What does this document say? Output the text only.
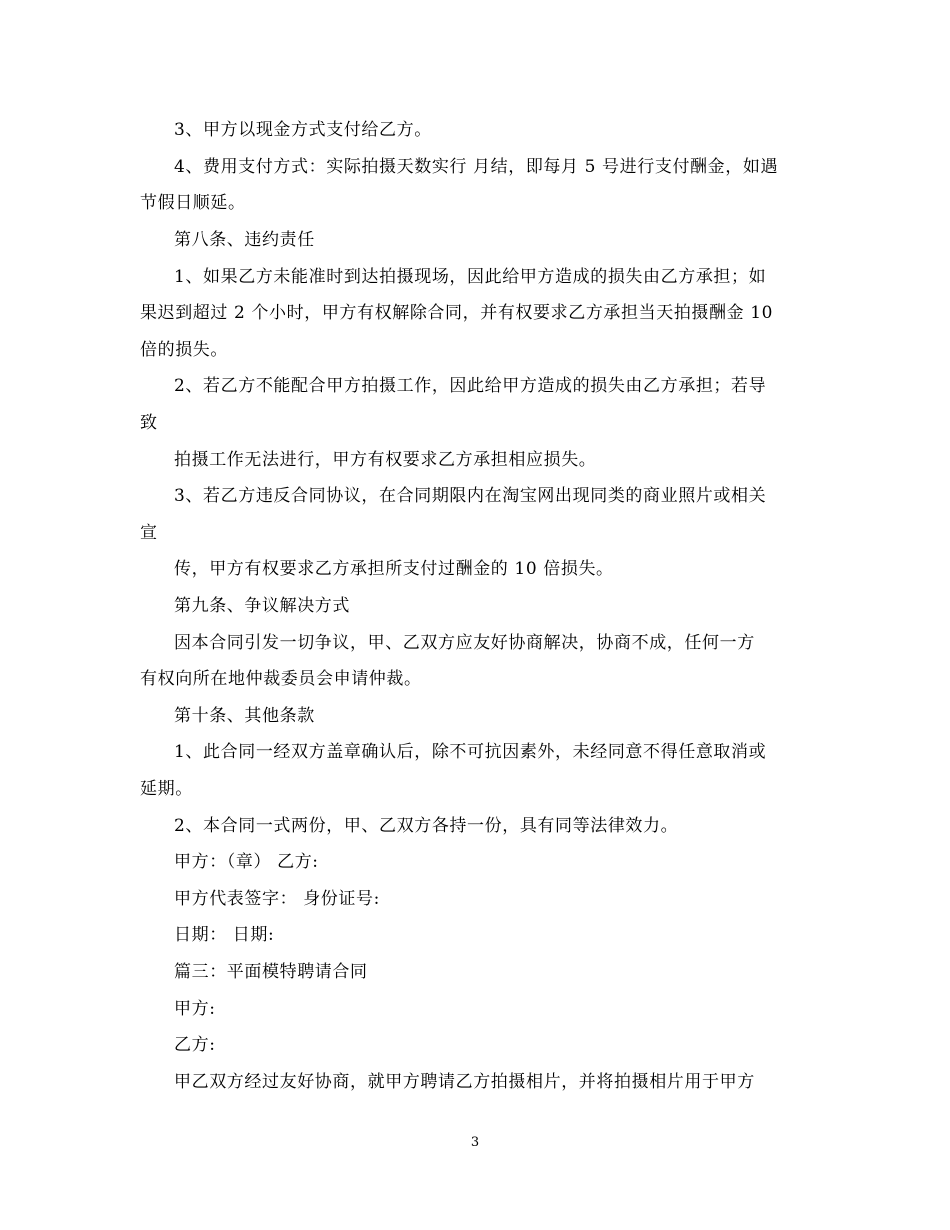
3、甲方以现金方式支付给乙方。
4、费用支付方式：实际拍摄天数实行 月结，即每月 5 号进行支付酬金，如遇
节假日顺延。
第八条、违约责任
1、如果乙方未能准时到达拍摄现场，因此给甲方造成的损失由乙方承担；如
果迟到超过 2 个小时，甲方有权解除合同，并有权要求乙方承担当天拍摄酬金 10
倍的损失。
2、若乙方不能配合甲方拍摄工作，因此给甲方造成的损失由乙方承担；若导
致
拍摄工作无法进行，甲方有权要求乙方承担相应损失。
3、若乙方违反合同协议，在合同期限内在淘宝网出现同类的商业照片或相关
宣
传，甲方有权要求乙方承担所支付过酬金的 10 倍损失。
第九条、争议解决方式
因本合同引发一切争议，甲、乙双方应友好协商解决，协商不成，任何一方
有权向所在地仲裁委员会申请仲裁。
第十条、其他条款
1、此合同一经双方盖章确认后，除不可抗因素外，未经同意不得任意取消或
延期。
2、本合同一式两份，甲、乙双方各持一份，具有同等法律效力。
甲方：（章） 乙方:
甲方代表签字： 身份证号:
日期： 日期:
篇三：平面模特聘请合同
甲方:
乙方:
甲乙双方经过友好协商，就甲方聘请乙方拍摄相片，并将拍摄相片用于甲方
3
